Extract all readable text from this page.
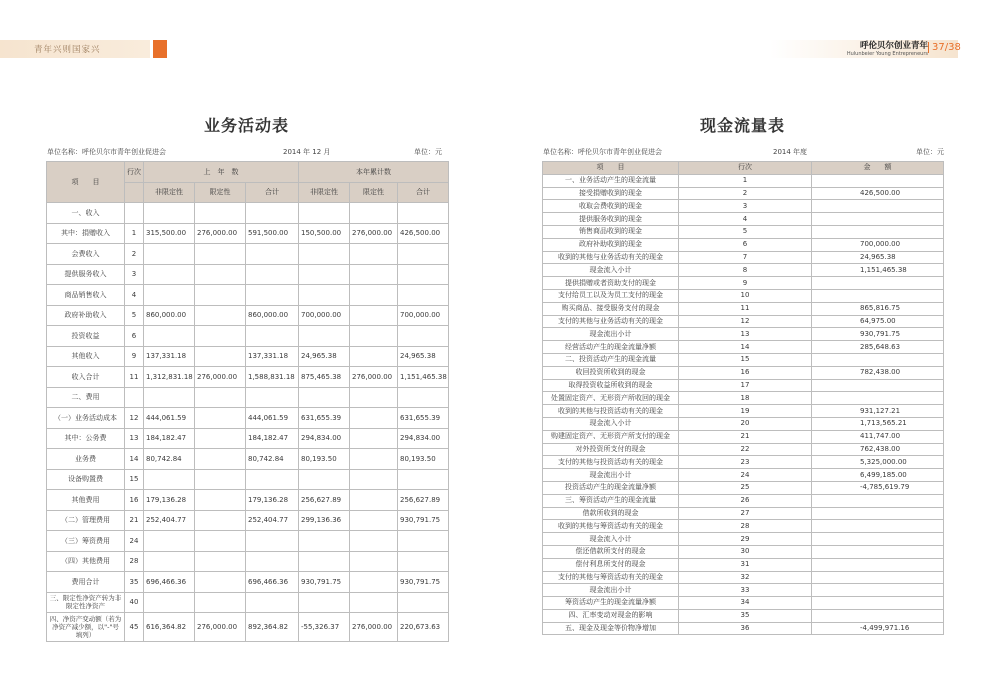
青年兴则国家兴	呼伦贝尔创业青年
Hulunbeier Young Entrepreneurs
37/38
业务活动表
单位名称：呼伦贝尔市青年创业促进会	2014 年 12 月	单位：元
项　　目	行次	上　年　数			本年累计数		
		非限定性	限定性	合计	非限定性	限定性	合计
一、收入							
其中：捐赠收入	1	315,500.00	276,000.00	591,500.00	150,500.00	276,000.00	426,500.00
会费收入	2						
提供服务收入	3						
商品销售收入	4						
政府补助收入	5	860,000.00		860,000.00	700,000.00		700,000.00
投资收益	6						
其他收入	9	137,331.18		137,331.18	24,965.38		24,965.38
收入合计	11	1,312,831.18	276,000.00	1,588,831.18	875,465.38	276,000.00	1,151,465.38
二、费用							
（一）业务活动成本	12	444,061.59		444,061.59	631,655.39		631,655.39
其中：公务费	13	184,182.47		184,182.47	294,834.00		294,834.00
业务费	14	80,742.84		80,742.84	80,193.50		80,193.50
设备购置费	15						
其他费用	16	179,136.28		179,136.28	256,627.89		256,627.89
（二）管理费用	21	252,404.77		252,404.77	299,136.36		930,791.75
（三）筹资费用	24						
（四）其他费用	28						
费用合计	35	696,466.36		696,466.36	930,791.75		930,791.75
三、限定性净资产转为非限定性净资产	40						
四、净资产变动额（若为净资产减少额，以"-"号填列）	45	616,364.82	276,000.00	892,364.82	-55,326.37	276,000.00	220,673.63
现金流量表
单位名称：呼伦贝尔市青年创业促进会	2014 年度	单位：元
项　　目	行次	金　　额
一、业务活动产生的现金流量	1	
接受捐赠收到的现金	2	426,500.00
收取会费收到的现金	3	
提供服务收到的现金	4	
销售商品收到的现金	5	
政府补助收到的现金	6	700,000.00
收到的其他与业务活动有关的现金	7	24,965.38
现金流入小计	8	1,151,465.38
提供捐赠或者资助支付的现金	9	
支付给员工以及为员工支付的现金	10	
购买商品、接受服务支付的现金	11	865,816.75
支付的其他与业务活动有关的现金	12	64,975.00
现金流出小计	13	930,791.75
经营活动产生的现金流量净额	14	285,648.63
二、投资活动产生的现金流量	15	
收回投资所收到的现金	16	782,438.00
取得投资收益所收到的现金	17	
处置固定资产、无形资产所收回的现金	18	
收到的其他与投资活动有关的现金	19	931,127.21
现金流入小计	20	1,713,565.21
购建固定资产、无形资产所支付的现金	21	411,747.00
对外投资所支付的现金	22	762,438.00
支付的其他与投资活动有关的现金	23	5,325,000.00
现金流出小计	24	6,499,185.00
投资活动产生的现金流量净额	25	-4,785,619.79
三、筹资活动产生的现金流量	26	
借款所收到的现金	27	
收到的其他与筹资活动有关的现金	28	
现金流入小计	29	
偿还借款所支付的现金	30	
偿付利息所支付的现金	31	
支付的其他与筹资活动有关的现金	32	
现金流出小计	33	
筹资活动产生的现金流量净额	34	
四、汇率变动对现金的影响	35	
五、现金及现金等价物净增加	36	-4,499,971.16
